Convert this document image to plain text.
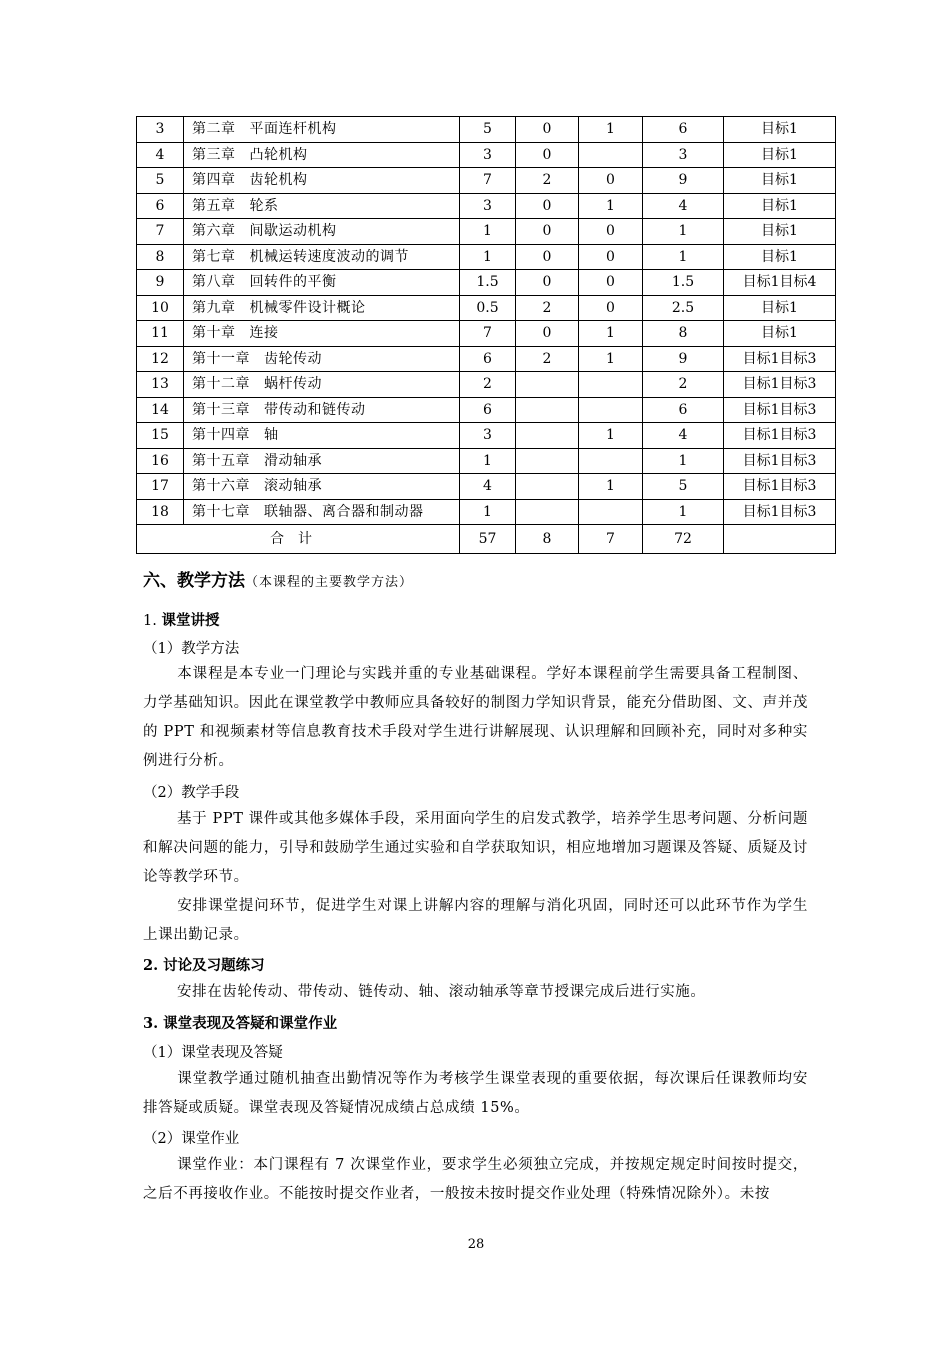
3	第二章 平面连杆机构	5	0	1	6	目标1
4	第三章 凸轮机构	3	0		3	目标1
5	第四章 齿轮机构	7	2	0	9	目标1
6	第五章 轮系	3	0	1	4	目标1
7	第六章 间歇运动机构	1	0	0	1	目标1
8	第七章 机械运转速度波动的调节	1	0	0	1	目标1
9	第八章 回转件的平衡	1.5	0	0	1.5	目标1目标4
10	第九章 机械零件设计概论	0.5	2	0	2.5	目标1
11	第十章 连接	7	0	1	8	目标1
12	第十一章 齿轮传动	6	2	1	9	目标1目标3
13	第十二章 蜗杆传动	2			2	目标1目标3
14	第十三章 带传动和链传动	6			6	目标1目标3
15	第十四章 轴	3		1	4	目标1目标3
16	第十五章 滑动轴承	1			1	目标1目标3
17	第十六章 滚动轴承	4		1	5	目标1目标3
18	第十七章 联轴器、离合器和制动器	1			1	目标1目标3
合计		57	8	7	72	
六、教学方法（本课程的主要教学方法）
1. 课堂讲授
（1）教学方法
本课程是本专业一门理论与实践并重的专业基础课程。学好本课程前学生需要具备工程制图、力学基础知识。因此在课堂教学中教师应具备较好的制图力学知识背景，能充分借助图、文、声并茂的 PPT 和视频素材等信息教育技术手段对学生进行讲解展现、认识理解和回顾补充，同时对多种实例进行分析。
（2）教学手段
基于 PPT 课件或其他多媒体手段，采用面向学生的启发式教学，培养学生思考问题、分析问题和解决问题的能力，引导和鼓励学生通过实验和自学获取知识，相应地增加习题课及答疑、质疑及讨论等教学环节。
安排课堂提问环节，促进学生对课上讲解内容的理解与消化巩固，同时还可以此环节作为学生上课出勤记录。
2. 讨论及习题练习
安排在齿轮传动、带传动、链传动、轴、滚动轴承等章节授课完成后进行实施。
3. 课堂表现及答疑和课堂作业
（1）课堂表现及答疑
课堂教学通过随机抽查出勤情况等作为考核学生课堂表现的重要依据，每次课后任课教师均安排答疑或质疑。课堂表现及答疑情况成绩占总成绩 15%。
（2）课堂作业
课堂作业：本门课程有 7 次课堂作业，要求学生必须独立完成，并按规定规定时间按时提交，之后不再接收作业。不能按时提交作业者，一般按未按时提交作业处理（特殊情况除外）。未按
28
